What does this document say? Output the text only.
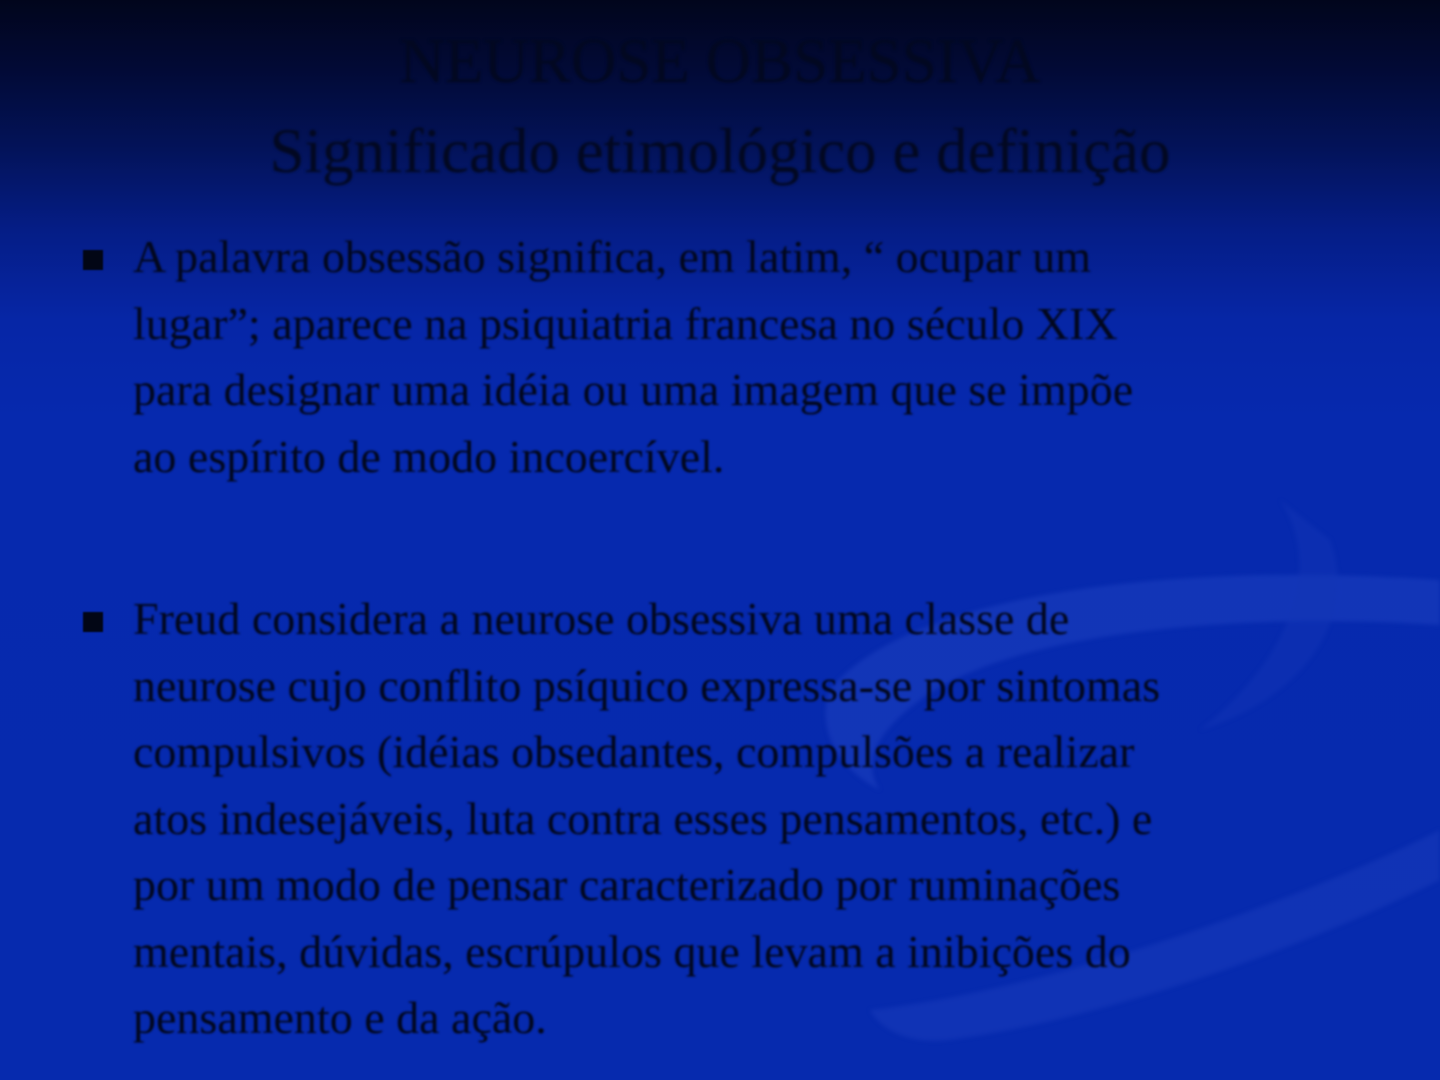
NEUROSE OBSESSIVA
Significado etimológico e definição
A palavra obsessão significa, em latim, “ ocupar um
lugar”; aparece na psiquiatria francesa no século XIX
para designar uma idéia ou uma imagem que se impõe
ao espírito de modo incoercível.
Freud considera a neurose obsessiva uma classe de
neurose cujo conflito psíquico expressa-se por sintomas
compulsivos (idéias obsedantes, compulsões a realizar
atos indesejáveis, luta contra esses pensamentos, etc.) e
por um modo de pensar caracterizado por ruminações
mentais, dúvidas, escrúpulos que levam a inibições do
pensamento e da ação.
